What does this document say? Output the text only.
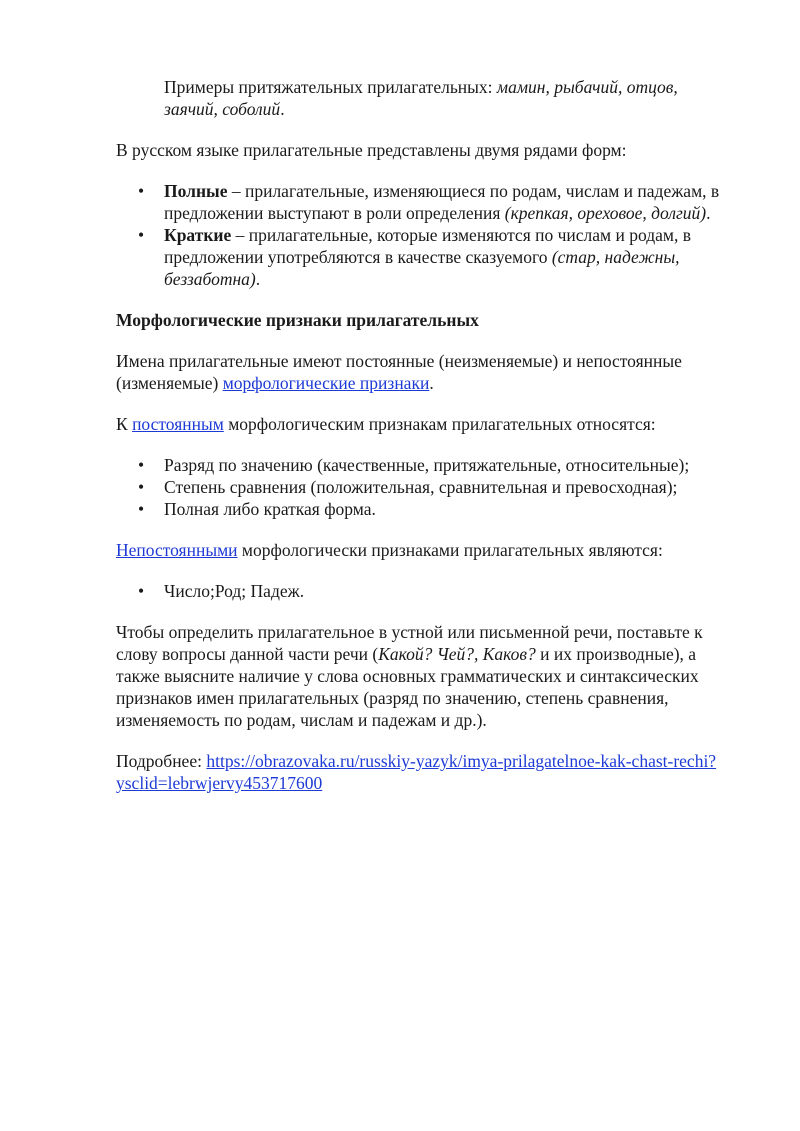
Примеры притяжательных прилагательных: мамин, рыбачий, отцов, заячий, соболий.

В русском языке прилагательные представлены двумя рядами форм:

• Полные – прилагательные, изменяющиеся по родам, числам и падежам, в предложении выступают в роли определения (крепкая, ореховое, долгий).
• Краткие – прилагательные, которые изменяются по числам и родам, в предложении употребляются в качестве сказуемого (стар, надежны, беззаботна).

Морфологические признаки прилагательных

Имена прилагательные имеют постоянные (неизменяемые) и непостоянные (изменяемые) морфологические признаки.

К постоянным морфологическим признакам прилагательных относятся:

• Разряд по значению (качественные, притяжательные, относительные);
• Степень сравнения (положительная, сравнительная и превосходная);
• Полная либо краткая форма.

Непостоянными морфологически признаками прилагательных являются:

• Число;Род; Падеж.

Чтобы определить прилагательное в устной или письменной речи, поставьте к слову вопросы данной части речи (Какой? Чей?, Каков? и их производные), а также выясните наличие у слова основных грамматических и синтаксических признаков имен прилагательных (разряд по значению, степень сравнения, изменяемость по родам, числам и падежам и др.).

Подробнее: https://obrazovaka.ru/russkiy-yazyk/imya-prilagatelnoe-kak-chast-rechi?ysclid=lebrwjervy453717600
